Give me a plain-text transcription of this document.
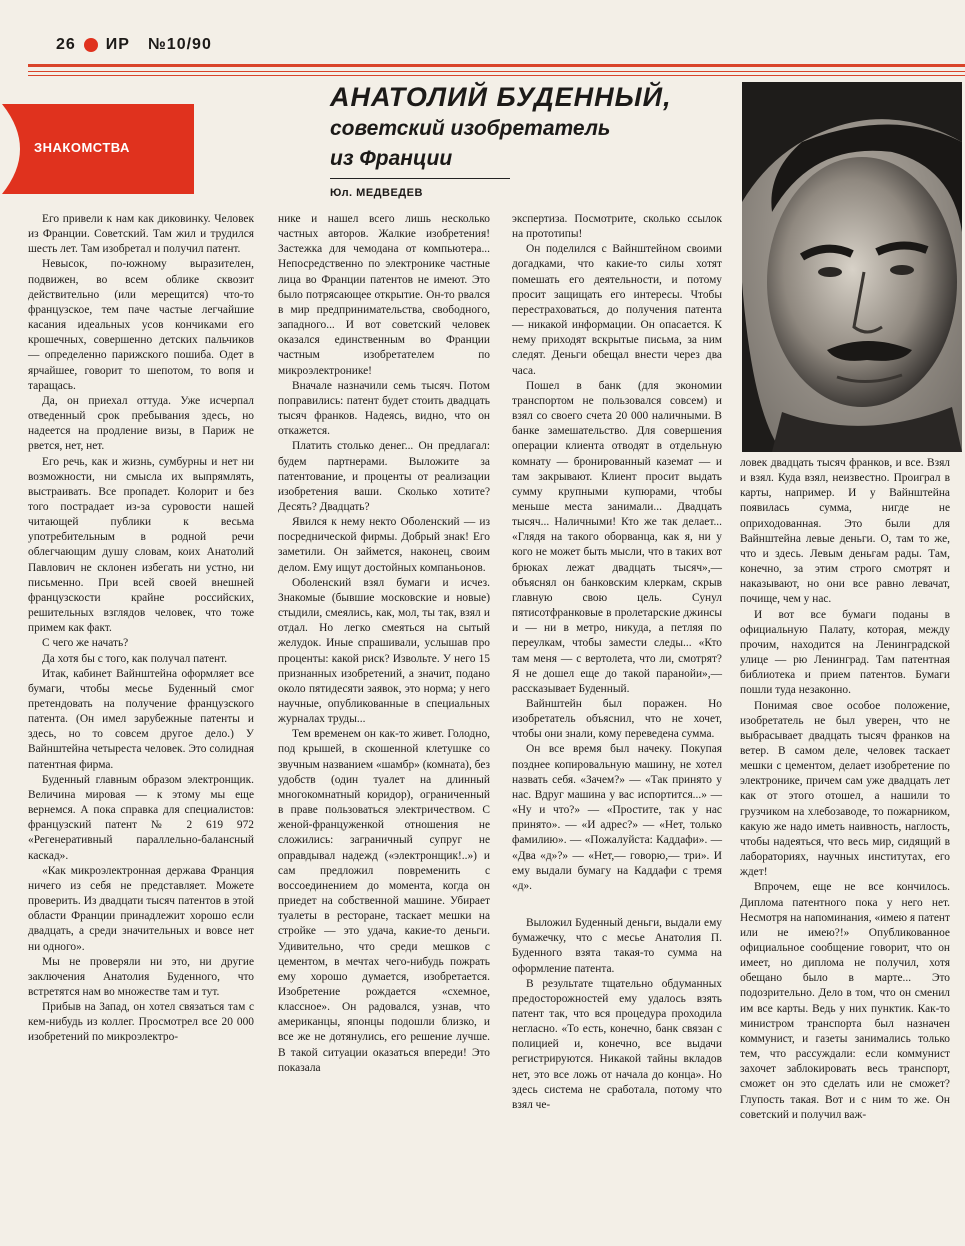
26 ИР №10/90
ЗНАКОМСТВА
АНАТОЛИЙ БУДЕННЫЙ,
советский изобретатель
из Франции
Юл. МЕДВЕДЕВ

Его привели к нам как диковинку. Человек из Франции. Советский. Там жил и трудился шесть лет. Там изобретал и получил патент.

Невысок, по-южному выразителен, подвижен, во всем облике сквозит действительно (или мерещится) что-то французское, тем паче частые легчайшие касания идеальных усов кончиками его крошечных, совершенно детских пальчиков — определенно парижского пошиба. Одет в ярчайшее, говорит то шепотом, то вопя и таращась.

Да, он приехал оттуда. Уже исчерпал отведенный срок пребывания здесь, но надеется на продление визы, в Париж не рвется, нет, нет.

Его речь, как и жизнь, сумбурны и нет ни возможности, ни смысла их выпрямлять, выстраивать. Все пропадет. Колорит и без того пострадает из-за суровости нашей читающей публики к весьма употребительным в родной речи облегчающим душу словам, коих Анатолий Павлович не склонен избегать ни устно, ни письменно. При всей своей внешней французскости крайне российских, решительных взглядов человек, что тоже примем как факт.

С чего же начать?

Да хотя бы с того, как получал патент.

Итак, кабинет Вайнштейна оформляет все бумаги, чтобы месье Буденный смог претендовать на получение французского патента. (Он имел зарубежные патенты и здесь, но то совсем другое дело.) У Вайнштейна четыреста человек. Это солидная патентная фирма.

Буденный главным образом электронщик. Величина мировая — к этому мы еще вернемся. А пока справка для специалистов: французский патент № 2 619 972 «Регенеративный параллельно-балансный каскад».

«Как микроэлектронная держава Франция ничего из себя не представляет. Можете проверить. Из двадцати тысяч патентов в этой области Франции принадлежит хорошо если двадцать, а среди значительных и вовсе нет ни одного».

Мы не проверяли ни это, ни другие заключения Анатолия Буденного, что встретятся нам во множестве там и тут.

Прибыв на Запад, он хотел связаться там с кем-нибудь из коллег. Просмотрел все 20 000 изобретений по микроэлектро-

нике и нашел всего лишь несколько частных авторов. Жалкие изобретения! Застежка для чемодана от компьютера... Непосредственно по электронике частные лица во Франции патентов не имеют. Это было потрясающее открытие. Он-то рвался в мир предпринимательства, свободного, западного... И вот советский человек оказался единственным во Франции частным изобретателем по микроэлектронике!

Вначале назначили семь тысяч. Потом поправились: патент будет стоить двадцать тысяч франков. Надеясь, видно, что он откажется.

Платить столько денег... Он предлагал: будем партнерами. Выложите за патентование, и проценты от реализации изобретения ваши. Сколько хотите? Десять? Двадцать?

Явился к нему некто Оболенский — из посреднической фирмы. Добрый знак! Его заметили. Он займется, наконец, своим делом. Ему ищут достойных компаньонов.

Оболенский взял бумаги и исчез. Знакомые (бывшие московские и новые) стыдили, смеялись, как, мол, ты так, взял и отдал. Но легко смеяться на сытый желудок. Иные спрашивали, услышав про проценты: какой риск? Извольте. У него 15 признанных изобретений, а значит, подано около пятидесяти заявок, это норма; у него научные, опубликованные в специальных журналах труды...

Тем временем он как-то живет. Голодно, под крышей, в скошенной клетушке со звучным названием «шамбр» (комната), без удобств (один туалет на длинный многокомнатный коридор), ограниченный в праве пользоваться электричеством. С женой-француженкой отношения не сложились: заграничный супруг не оправдывал надежд («электронщик!..») и сам предложил повременить с воссоединением до момента, когда он приедет на собственной машине. Убирает туалеты в ресторане, таскает мешки на стройке — это удача, какие-то деньги. Удивительно, что среди мешков с цементом, в мечтах чего-нибудь пожрать ему хорошо думается, изобретается. Изобретение рождается «схемное, классное». Он радовался, узнав, что американцы, японцы подошли близко, и все же не дотянулись, его решение лучше. В такой ситуации оказаться впереди! Это показала

экспертиза. Посмотрите, сколько ссылок на прототипы!

Он поделился с Вайнштейном своими догадками, что какие-то силы хотят помешать его деятельности, и потому просит защищать его интересы. Чтобы перестраховаться, до получения патента — никакой информации. Он опасается. К нему приходят вскрытые письма, за ним следят. Деньги обещал внести через два часа.

Пошел в банк (для экономии транспортом не пользовался совсем) и взял со своего счета 20 000 наличными. В банке замешательство. Для совершения операции клиента отводят в отдельную комнату — бронированный каземат — и там закрывают. Клиент просит выдать сумму крупными купюрами, чтобы меньше места занимали... Двадцать тысяч... Наличными! Кто же так делает... «Глядя на такого оборванца, как я, ни у кого не может быть мысли, что в таких вот брюках лежат двадцать тысяч»,— объяснял он банковским клеркам, скрыв главную свою цель. Сунул пятисотфранковые в пролетарские джинсы и — ни в метро, никуда, а петляя по переулкам, чтобы замести следы... «Кто там меня — с вертолета, что ли, смотрят? Я не дошел еще до такой паранойи»,— рассказывает Буденный.

Вайнштейн был поражен. Но изобретатель объяснил, что не хочет, чтобы они знали, кому переведена сумма.

Он все время был начеку. Покупая позднее копировальную машину, не хотел назвать себя. «Зачем?» — «Так принято у нас. Вдруг машина у вас испортится...» — «Ну и что?» — «Простите, так у нас принято». — «И адрес?» — «Нет, только фамилию». — «Пожалуйста: Каддафи». — «Два «д»?» — «Нет,— говорю,— три». И ему выдали бумагу на Каддафи с тремя «д».

Выложил Буденный деньги, выдали ему бумажечку, что с месье Анатолия П. Буденного взята такая-то сумма на оформление патента.

В результате тщательно обдуманных предосторожностей ему удалось взять патент так, что вся процедура проходила негласно. «То есть, конечно, банк связан с полицией и, конечно, все выдачи регистрируются. Никакой тайны вкладов нет, это все ложь от начала до конца». Но здесь система не сработала, потому что взял че-

ловек двадцать тысяч франков, и все. Взял и взял. Куда взял, неизвестно. Проиграл в карты, например. И у Вайнштейна появилась сумма, нигде не оприходованная. Это были для Вайнштейна левые деньги. О, там то же, что и здесь. Левым деньгам рады. Там, конечно, за этим строго смотрят и наказывают, но они все равно левачат, почище, чем у нас.

И вот все бумаги поданы в официальную Палату, которая, между прочим, находится на Ленинградской улице — рю Ленинград. Там патентная библиотека и прием патентов. Бумаги пошли туда незаконно.

Понимая свое особое положение, изобретатель не был уверен, что не выбрасывает двадцать тысяч франков на ветер. В самом деле, человек таскает мешки с цементом, делает изобретение по электронике, причем сам уже двадцать лет как от этого отошел, а нашили то грузчиком на хлебозаводе, то пожарником, какую же надо иметь наивность, наглость, чтобы надеяться, что весь мир, сидящий в лабораториях, научных институтах, его ждет!

Впрочем, еще не все кончилось. Диплома патентного пока у него нет. Несмотря на напоминания, «имею я патент или не имею?!» Опубликованное официальное сообщение говорит, что он имеет, но диплома не получил, хотя обещано было в марте... Это подозрительно. Дело в том, что он сменил им все карты. Ведь у них пунктик. Как-то министром транспорта был назначен коммунист, и газеты занимались только тем, что рассуждали: если коммунист захочет заблокировать весь транспорт, сможет он это сделать или не сможет? Глупость такая. Вот и с ним то же. Он советский и получил важ-
